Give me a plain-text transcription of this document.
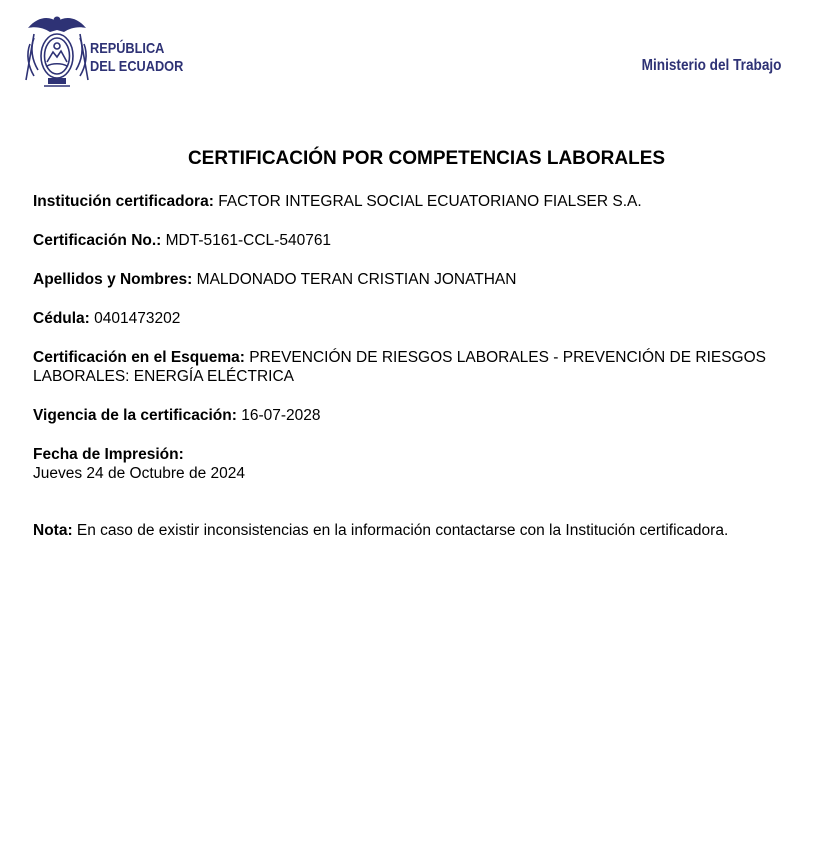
REPÚBLICA
DEL ECUADOR	Ministerio del Trabajo
CERTIFICACIÓN POR COMPETENCIAS LABORALES
Institución certificadora: FACTOR INTEGRAL SOCIAL ECUATORIANO FIALSER S.A.
Certificación No.: MDT-5161-CCL-540761
Apellidos y Nombres: MALDONADO TERAN CRISTIAN JONATHAN
Cédula: 0401473202
Certificación en el Esquema: PREVENCIÓN DE RIESGOS LABORALES - PREVENCIÓN DE RIESGOS LABORALES: ENERGÍA ELÉCTRICA
Vigencia de la certificación: 16-07-2028
Fecha de Impresión:
Jueves 24 de Octubre de 2024
Nota: En caso de existir inconsistencias en la información contactarse con la Institución certificadora.
